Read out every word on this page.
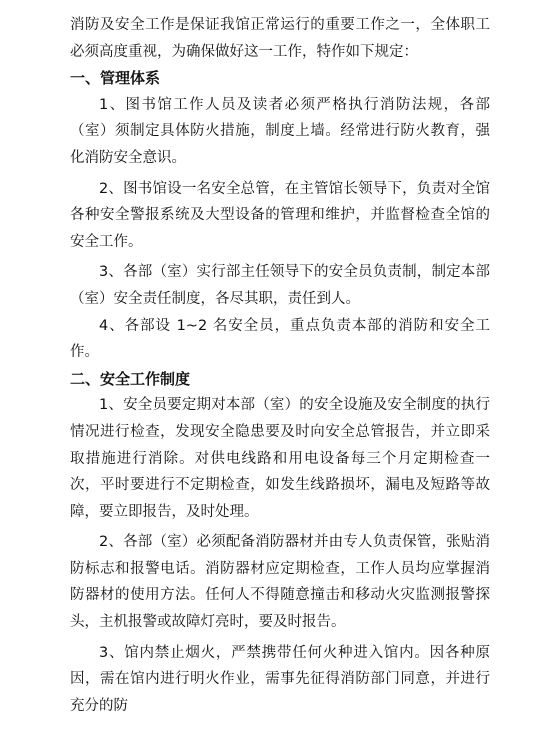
消防及安全工作是保证我馆正常运行的重要工作之一，全体职工必须高度重视，为确保做好这一工作，特作如下规定：

一、管理体系

1、图书馆工作人员及读者必须严格执行消防法规，各部（室）须制定具体防火措施，制度上墙。经常进行防火教育，强化消防安全意识。

2、图书馆设一名安全总管，在主管馆长领导下，负责对全馆各种安全警报系统及大型设备的管理和维护，并监督检查全馆的安全工作。

3、各部（室）实行部主任领导下的安全员负责制，制定本部（室）安全责任制度，各尽其职，责任到人。

4、各部设 1~2 名安全员，重点负责本部的消防和安全工作。

二、安全工作制度

1、安全员要定期对本部（室）的安全设施及安全制度的执行情况进行检查，发现安全隐患要及时向安全总管报告，并立即采取措施进行消除。对供电线路和用电设备每三个月定期检查一次，平时要进行不定期检查，如发生线路损坏，漏电及短路等故障，要立即报告，及时处理。

2、各部（室）必须配备消防器材并由专人负责保管，张贴消防标志和报警电话。消防器材应定期检查，工作人员均应掌握消防器材的使用方法。任何人不得随意撞击和移动火灾监测报警探头，主机报警或故障灯亮时，要及时报告。

3、馆内禁止烟火，严禁携带任何火种进入馆内。因各种原因，需在馆内进行明火作业，需事先征得消防部门同意，并进行充分的防
